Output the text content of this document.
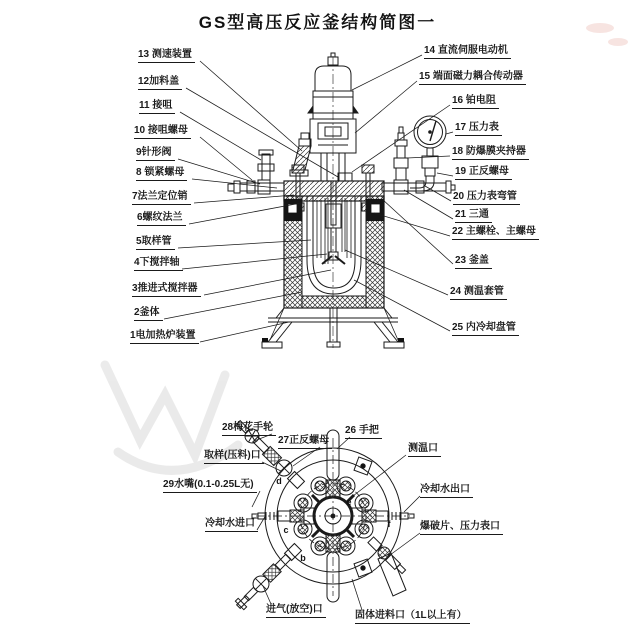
GS型高压反应釜结构简图一
d
c
b
e
f
13 测速装置
12加料盖
11 接咀
10 接咀螺母
9针形阀
8 锁紧螺母
7法兰定位销
6螺纹法兰
5取样管
4下搅拌轴
3推进式搅拌器
2釜体
1电加热炉装置
14 直流伺服电动机
15 端面磁力耦合传动器
16 铂电阻
17 压力表
18 防爆膜夹持器
19 正反螺母
20 压力表弯管
21 三通
22 主螺栓、主螺母
23 釜盖
24 测温套管
25 内冷却盘管
28梅花手轮
27正反螺母
26 手把
取样(压料)口
测温口
29水嘴(0.1-0.25L无)	冷却水出口
冷却水进口	爆破片、压力表口
进气(放空)口
固体进料口（1L以上有）
